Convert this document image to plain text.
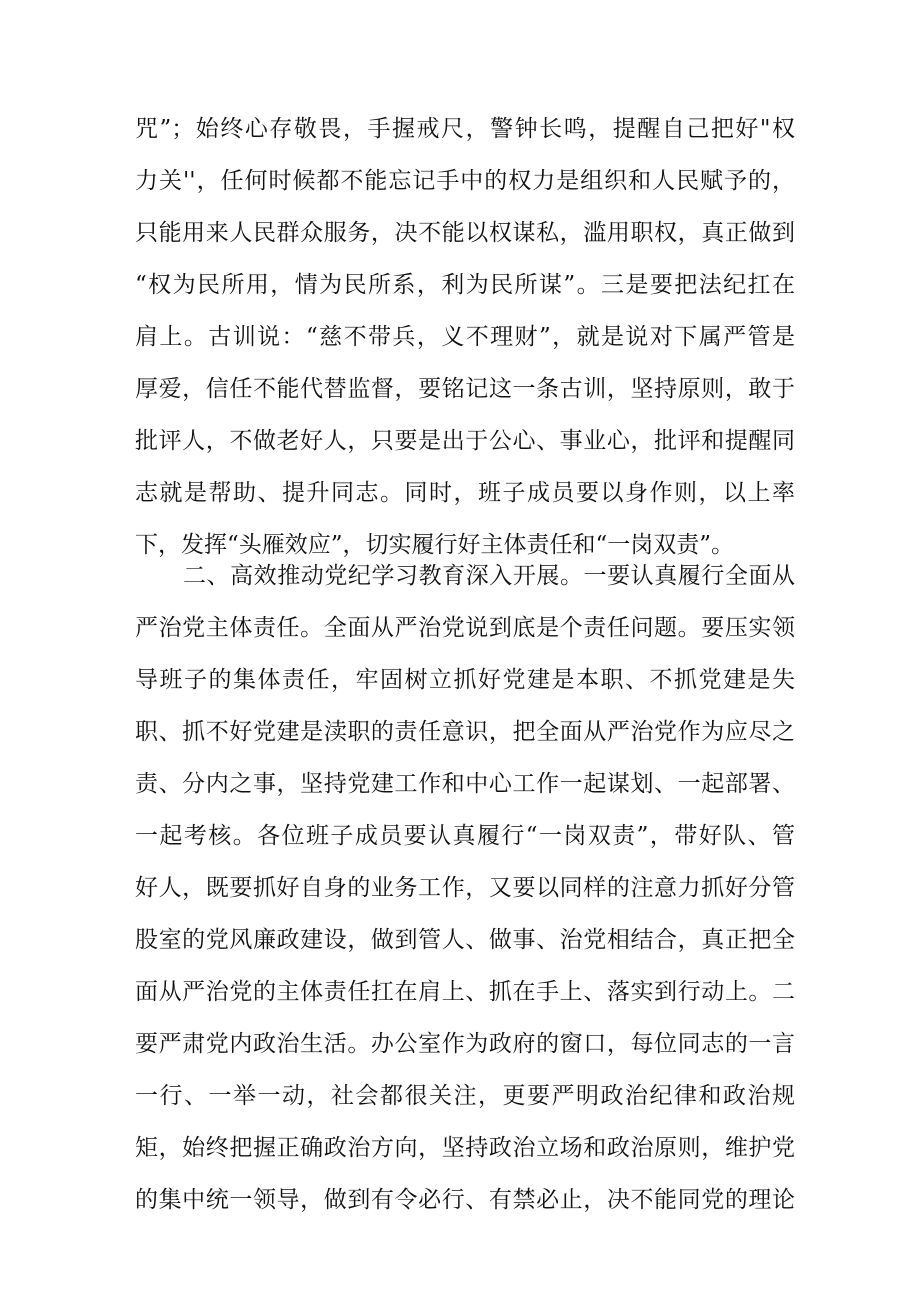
咒”；始终心存敬畏，手握戒尺，警钟长鸣，提醒自己把好"权
力关''，任何时候都不能忘记手中的权力是组织和人民赋予的，
只能用来人民群众服务，决不能以权谋私，滥用职权，真正做到
“权为民所用，情为民所系，利为民所谋”。三是要把法纪扛在
肩上。古训说：“慈不带兵，义不理财”，就是说对下属严管是
厚爱，信任不能代替监督，要铭记这一条古训，坚持原则，敢于
批评人，不做老好人，只要是出于公心、事业心，批评和提醒同
志就是帮助、提升同志。同时，班子成员要以身作则，以上率
下，发挥“头雁效应”，切实履行好主体责任和“一岗双责”。
二、高效推动党纪学习教育深入开展。一要认真履行全面从
严治党主体责任。全面从严治党说到底是个责任问题。要压实领
导班子的集体责任，牢固树立抓好党建是本职、不抓党建是失
职、抓不好党建是渎职的责任意识，把全面从严治党作为应尽之
责、分内之事，坚持党建工作和中心工作一起谋划、一起部署、
一起考核。各位班子成员要认真履行“一岗双责”，带好队、管
好人，既要抓好自身的业务工作，又要以同样的注意力抓好分管
股室的党风廉政建设，做到管人、做事、治党相结合，真正把全
面从严治党的主体责任扛在肩上、抓在手上、落实到行动上。二
要严肃党内政治生活。办公室作为政府的窗口，每位同志的一言
一行、一举一动，社会都很关注，更要严明政治纪律和政治规
矩，始终把握正确政治方向，坚持政治立场和政治原则，维护党
的集中统一领导，做到有令必行、有禁必止，决不能同党的理论
